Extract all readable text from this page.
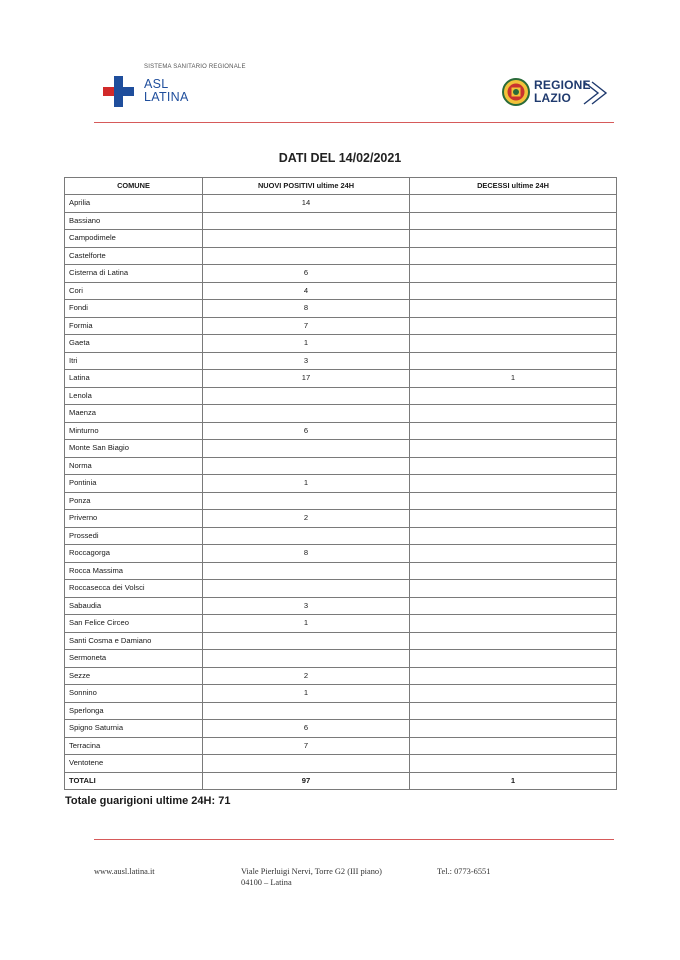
SISTEMA SANITARIO REGIONALE
ASL
LATINA
REGIONE
LAZIO
DATI DEL 14/02/2021
COMUNE	NUOVI POSITIVI ultime 24H	DECESSI ultime 24H
Aprilia	14	
Bassiano		
Campodimele		
Castelforte		
Cisterna di Latina	6	
Cori	4	
Fondi	8	
Formia	7	
Gaeta	1	
Itri	3	
Latina	17	1
Lenola		
Maenza		
Minturno	6	
Monte San Biagio		
Norma		
Pontinia	1	
Ponza		
Priverno	2	
Prossedi		
Roccagorga	8	
Rocca Massima		
Roccasecca dei Volsci		
Sabaudia	3	
San Felice Circeo	1	
Santi Cosma e Damiano		
Sermoneta		
Sezze	2	
Sonnino	1	
Sperlonga		
Spigno Saturnia	6	
Terracina	7	
Ventotene		
TOTALI	97	1
Totale guarigioni ultime 24H: 71
www.ausl.latina.it	Viale Pierluigi Nervi, Torre G2 (III piano)
04100 – Latina
Tel.: 0773-6551
